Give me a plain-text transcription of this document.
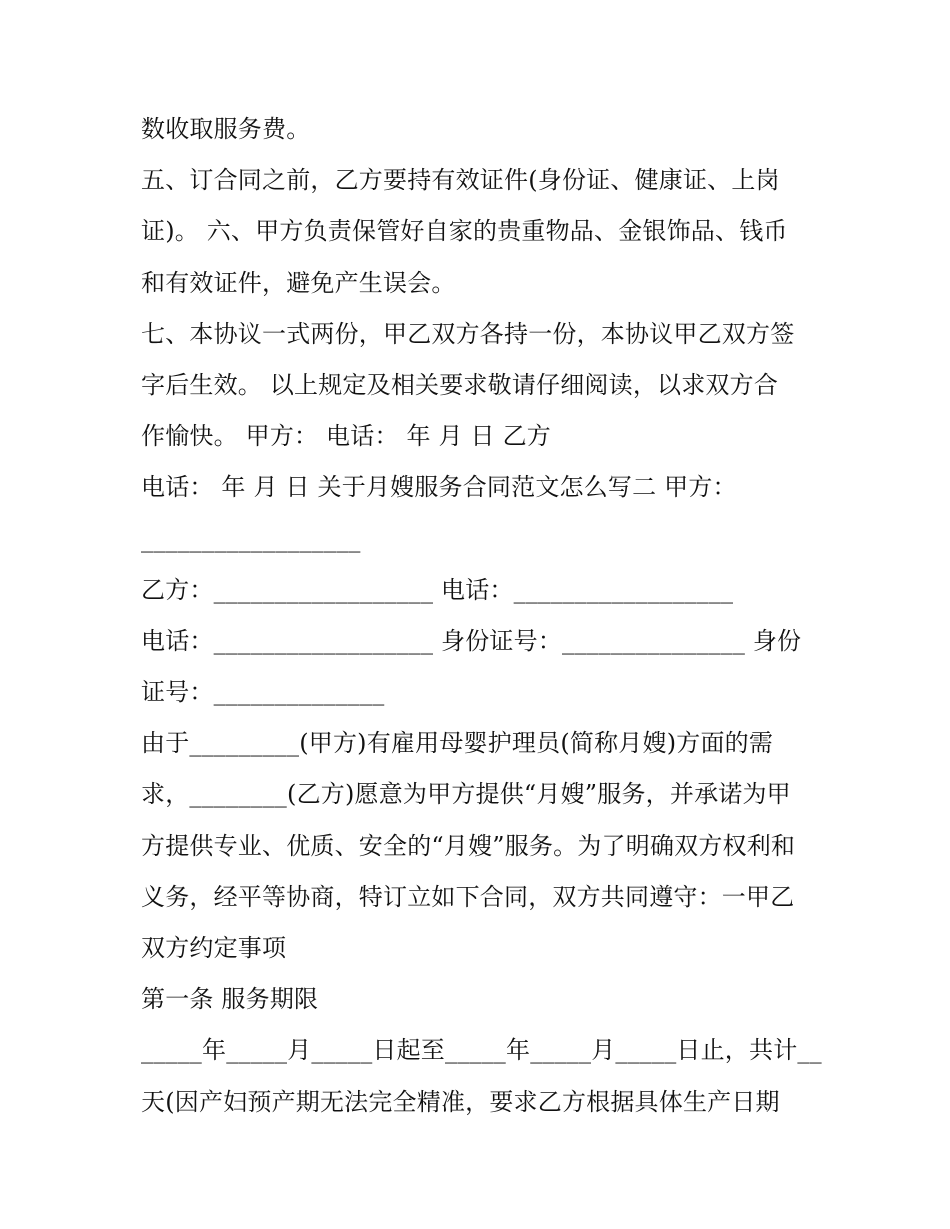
数收取服务费。
五、订合同之前，乙方要持有效证件(身份证、健康证、上岗
证)。 六、甲方负责保管好自家的贵重物品、金银饰品、钱币
和有效证件，避免产生误会。
七、本协议一式两份，甲乙双方各持一份，本协议甲乙双方签
字后生效。 以上规定及相关要求敬请仔细阅读，以求双方合
作愉快。 甲方： 电话： 年 月 日 乙方
电话： 年 月 日 关于月嫂服务合同范文怎么写二 甲方：
__________________
乙方：__________________ 电话：__________________
电话：__________________ 身份证号：_______________ 身份
证号：______________
由于_________(甲方)有雇用母婴护理员(简称月嫂)方面的需
求，________(乙方)愿意为甲方提供“月嫂”服务，并承诺为甲
方提供专业、优质、安全的“月嫂”服务。为了明确双方权利和
义务，经平等协商，特订立如下合同，双方共同遵守：一甲乙
双方约定事项
第一条 服务期限
_____年_____月_____日起至_____年_____月_____日止，共计__
天(因产妇预产期无法完全精准，要求乙方根据具体生产日期
